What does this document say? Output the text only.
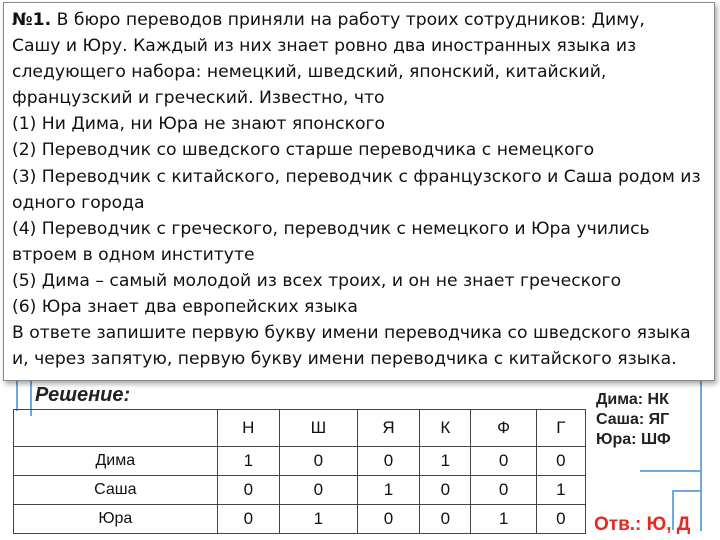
№1. В бюро переводов приняли на работу троих сотрудников: Диму,

Сашу и Юру. Каждый из них знает ровно два иностранных языка из

следующего набора: немецкий, шведский, японский, китайский,

французский и греческий. Известно, что

(1) Ни Дима, ни Юра не знают японского

(2) Переводчик со шведского старше переводчика с немецкого

(3) Переводчик с китайского, переводчик с французского и Саша родом из

одного города

(4) Переводчик с греческого, переводчик с немецкого и Юра учились

втроем в одном институте

(5) Дима – самый молодой из всех троих, и он не знает греческого

(6) Юра знает два европейских языка

В ответе запишите первую букву имени переводчика со шведского языка

и, через запятую, первую букву имени переводчика с китайского языка.

Решение:
	Н	Ш	Я	К	Ф	Г
Дима	1	0	0	1	0	0
Саша	0	0	1	0	0	1
Юра	0	1	0	0	1	0
Дима: НК
Саша: ЯГ
Юра: ШФ
Отв.: Ю, Д
